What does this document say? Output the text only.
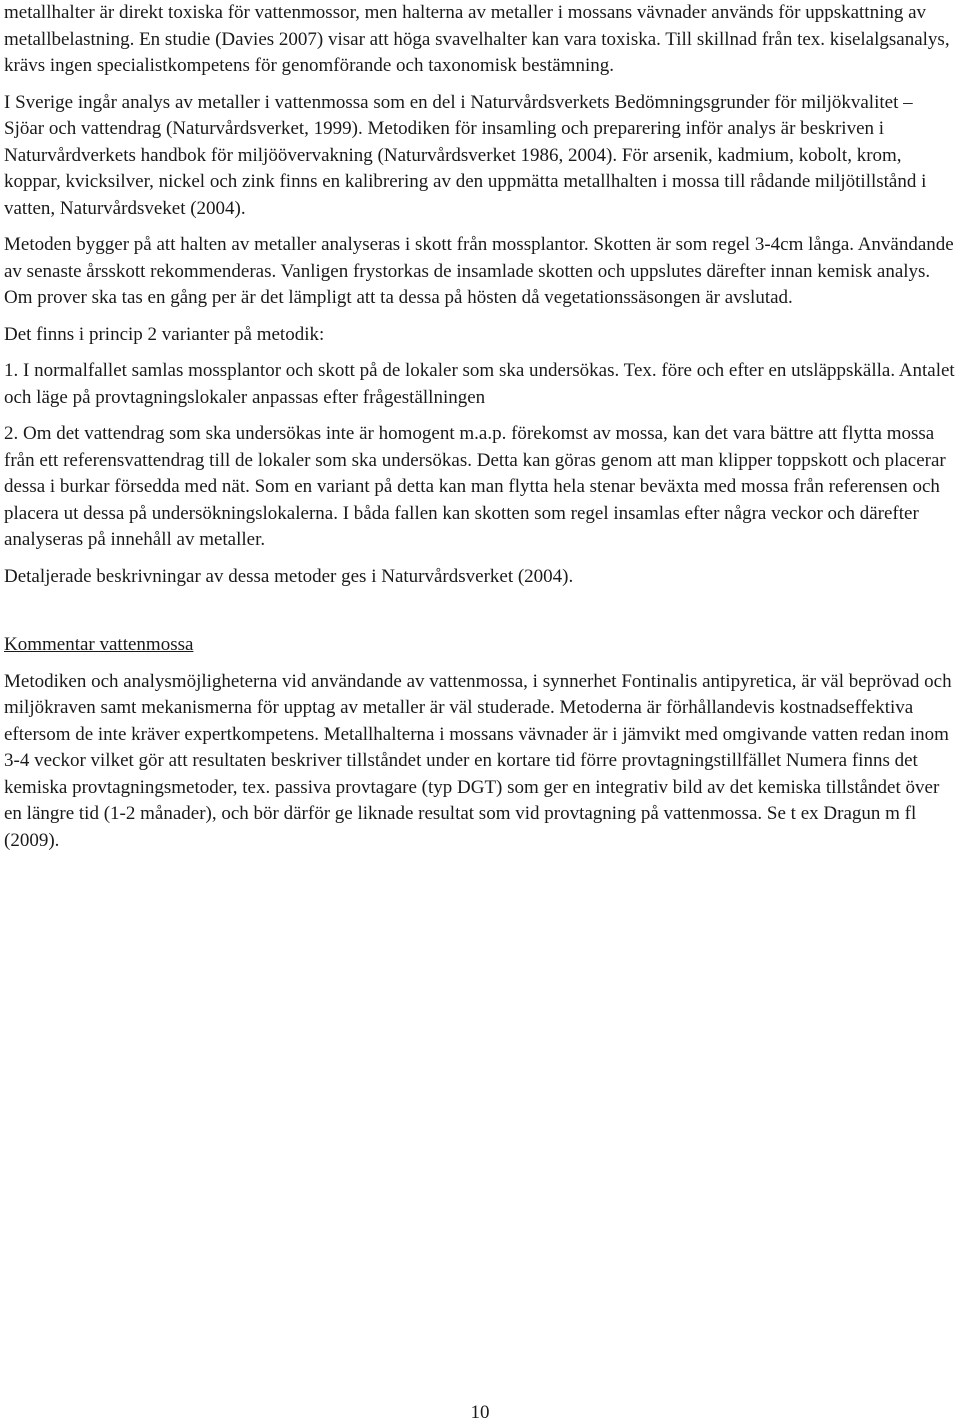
metallhalter är direkt toxiska för vattenmossor, men halterna av metaller i mossans vävnader används för uppskattning av metallbelastning. En studie (Davies 2007) visar att höga svavelhalter kan vara toxiska. Till skillnad från tex. kiselalgsanalys, krävs ingen specialistkompetens för genomförande och taxonomisk bestämning.

I Sverige ingår analys av metaller i vattenmossa som en del i Naturvårdsverkets Bedömningsgrunder för miljökvalitet – Sjöar och vattendrag (Naturvårdsverket, 1999). Metodiken för insamling och preparering inför analys är beskriven i Naturvårdverkets handbok för miljöövervakning (Naturvårdsverket 1986, 2004). För arsenik, kadmium, kobolt, krom, koppar, kvicksilver, nickel och zink finns en kalibrering av den uppmätta metallhalten i mossa till rådande miljötillstånd i vatten, Naturvårdsveket (2004).

Metoden bygger på att halten av metaller analyseras i skott från mossplantor. Skotten är som regel 3-4cm långa. Användande av senaste årsskott rekommenderas. Vanligen frystorkas de insamlade skotten och uppslutes därefter innan kemisk analys. Om prover ska tas en gång per är det lämpligt att ta dessa på hösten då vegetationssäsongen är avslutad.

Det finns i princip 2 varianter på metodik:

1. I normalfallet samlas mossplantor och skott på de lokaler som ska undersökas. Tex. före och efter en utsläppskälla. Antalet och läge på provtagningslokaler anpassas efter frågeställningen

2. Om det vattendrag som ska undersökas inte är homogent m.a.p. förekomst av mossa, kan det vara bättre att flytta mossa från ett referensvattendrag till de lokaler som ska undersökas. Detta kan göras genom att man klipper toppskott och placerar dessa i burkar försedda med nät. Som en variant på detta kan man flytta hela stenar beväxta med mossa från referensen och placera ut dessa på undersökningslokalerna. I båda fallen kan skotten som regel insamlas efter några veckor och därefter analyseras på innehåll av metaller.

Detaljerade beskrivningar av dessa metoder ges i Naturvårdsverket (2004).

Kommentar vattenmossa

Metodiken och analysmöjligheterna vid användande av vattenmossa, i synnerhet Fontinalis antipyretica, är väl beprövad och miljökraven samt mekanismerna för upptag av metaller är väl studerade. Metoderna är förhållandevis kostnadseffektiva eftersom de inte kräver expertkompetens. Metallhalterna i mossans vävnader är i jämvikt med omgivande vatten redan inom 3-4 veckor vilket gör att resultaten beskriver tillståndet under en kortare tid förre provtagningstillfället Numera finns det kemiska provtagningsmetoder, tex. passiva provtagare (typ DGT) som ger en integrativ bild av det kemiska tillståndet över en längre tid (1-2 månader), och bör därför ge liknade resultat som vid provtagning på vattenmossa. Se t ex Dragun m fl (2009).

10
